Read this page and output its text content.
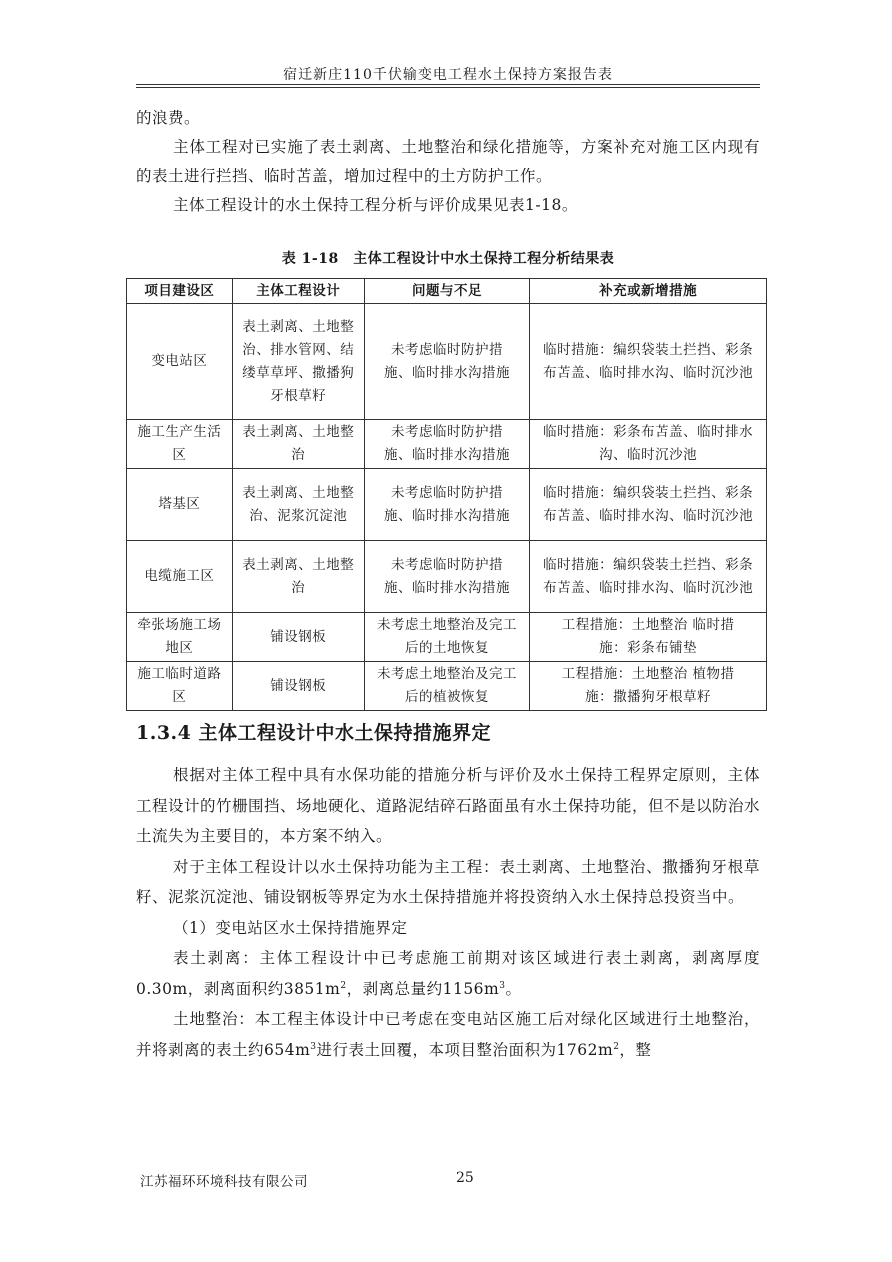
宿迁新庄110千伏输变电工程水土保持方案报告表

的浪费。

主体工程对已实施了表土剥离、土地整治和绿化措施等，方案补充对施工区内现有的表土进行拦挡、临时苫盖，增加过程中的土方防护工作。

主体工程设计的水土保持工程分析与评价成果见表1-18。

表 1-18　主体工程设计中水土保持工程分析结果表
项目建设区	主体工程设计	问题与不足	补充或新增措施
变电站区	表土剥离、土地整治、排水管网、结缕草草坪、撒播狗牙根草籽	未考虑临时防护措施、临时排水沟措施	临时措施：编织袋装土拦挡、彩条布苫盖、临时排水沟、临时沉沙池
施工生产生活区	表土剥离、土地整治	未考虑临时防护措施、临时排水沟措施	临时措施：彩条布苫盖、临时排水沟、临时沉沙池
塔基区	表土剥离、土地整治、泥浆沉淀池	未考虑临时防护措施、临时排水沟措施	临时措施：编织袋装土拦挡、彩条布苫盖、临时排水沟、临时沉沙池
电缆施工区	表土剥离、土地整治	未考虑临时防护措施、临时排水沟措施	临时措施：编织袋装土拦挡、彩条布苫盖、临时排水沟、临时沉沙池
牵张场施工场地区	铺设钢板	未考虑土地整治及完工后的土地恢复	工程措施：土地整治 临时措施：彩条布铺垫
施工临时道路区	铺设钢板	未考虑土地整治及完工后的植被恢复	工程措施：土地整治 植物措施：撒播狗牙根草籽
1.3.4 主体工程设计中水土保持措施界定

根据对主体工程中具有水保功能的措施分析与评价及水土保持工程界定原则，主体工程设计的竹栅围挡、场地硬化、道路泥结碎石路面虽有水土保持功能，但不是以防治水土流失为主要目的，本方案不纳入。

对于主体工程设计以水土保持功能为主工程：表土剥离、土地整治、撒播狗牙根草籽、泥浆沉淀池、铺设钢板等界定为水土保持措施并将投资纳入水土保持总投资当中。

（1）变电站区水土保持措施界定

表土剥离：主体工程设计中已考虑施工前期对该区域进行表土剥离，剥离厚度0.30m，剥离面积约$3851m^2$，剥离总量约$1156m^3$。

土地整治：本工程主体设计中已考虑在变电站区施工后对绿化区域进行土地整治，并将剥离的表土约$654m^3$进行表土回覆，本项目整治面积为$1762m^2$，整

江苏福环环境科技有限公司	25
